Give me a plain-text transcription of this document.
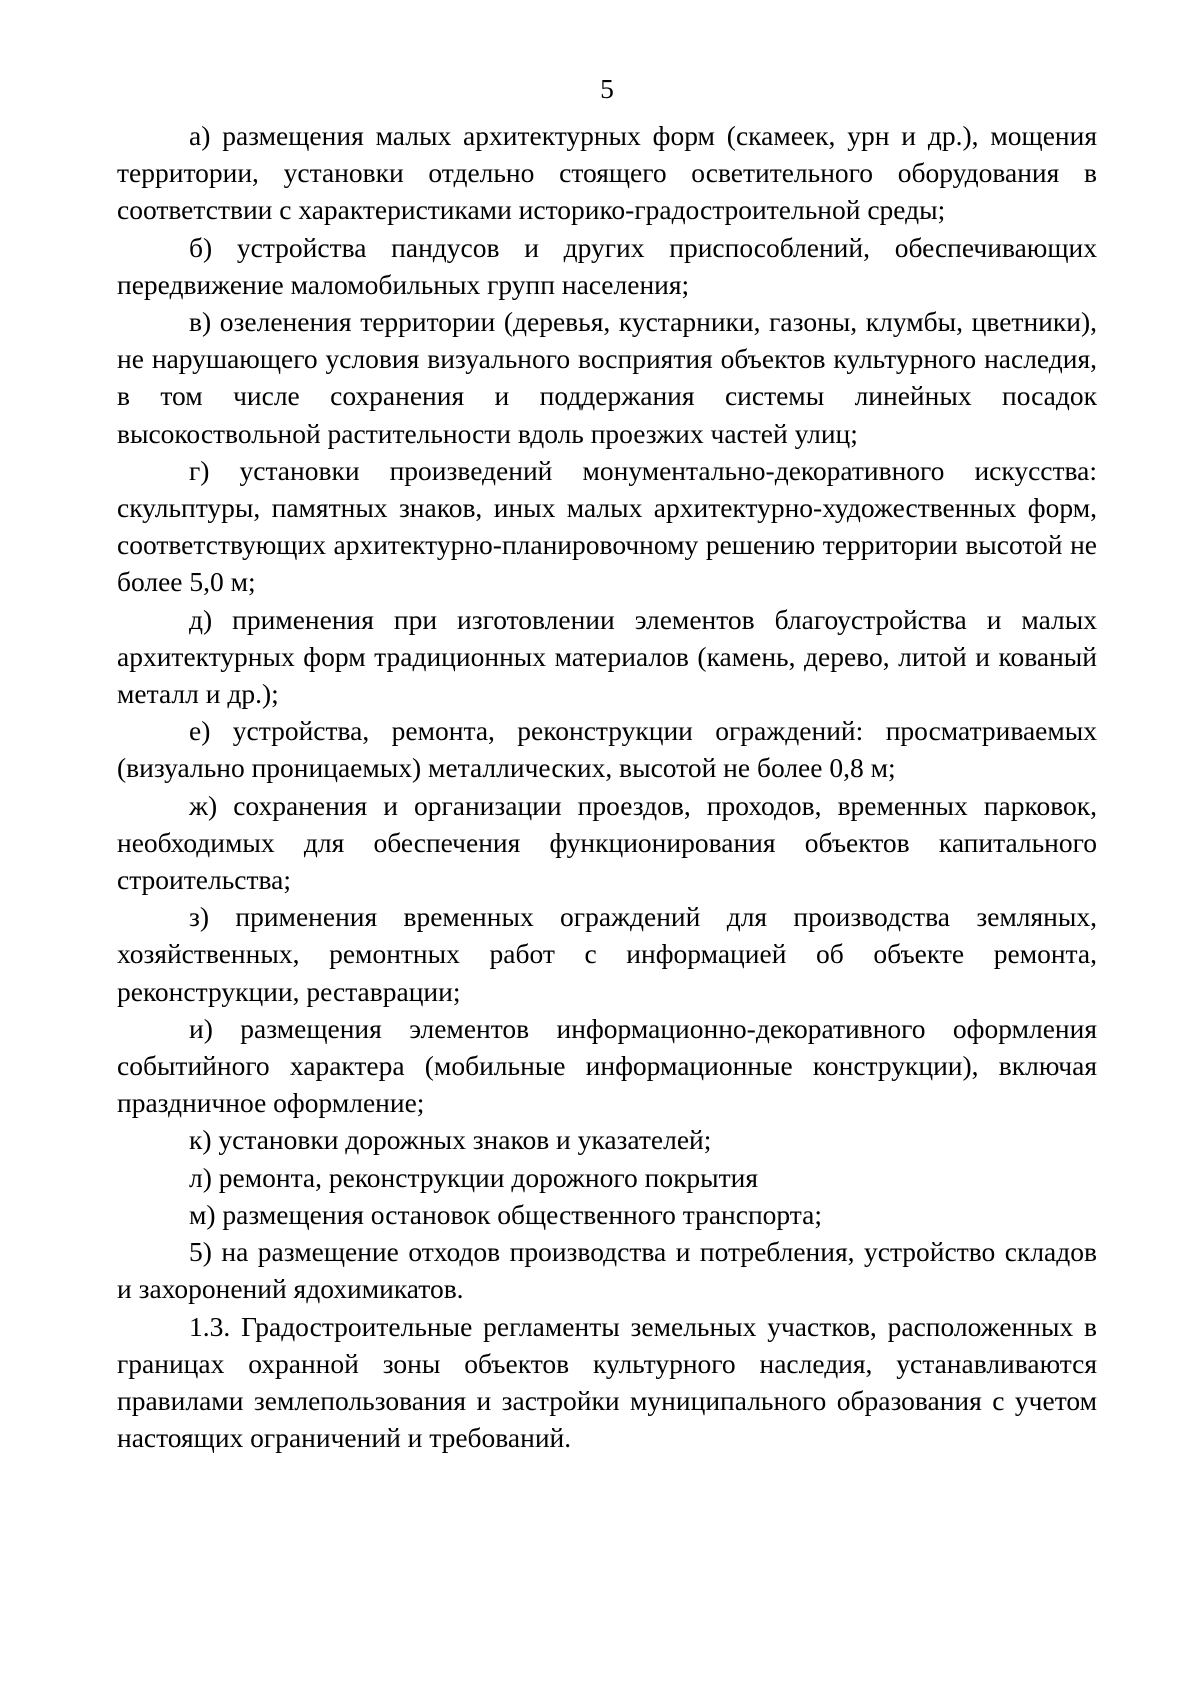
5

а) размещения малых архитектурных форм (скамеек, урн и др.), мощения территории, установки отдельно стоящего осветительного оборудования в соответствии с характеристиками историко-градостроительной среды;

б) устройства пандусов и других приспособлений, обеспечивающих передвижение маломобильных групп населения;

в) озеленения территории (деревья, кустарники, газоны, клумбы, цветники), не нарушающего условия визуального восприятия объектов культурного наследия, в том числе сохранения и поддержания системы линейных посадок высокоствольной растительности вдоль проезжих частей улиц;

г) установки произведений монументально-декоративного искусства: скульптуры, памятных знаков, иных малых архитектурно-художественных форм, соответствующих архитектурно-планировочному решению территории высотой не более 5,0 м;

д) применения при изготовлении элементов благоустройства и малых архитектурных форм традиционных материалов (камень, дерево, литой и кованый металл и др.);

е) устройства, ремонта, реконструкции ограждений: просматриваемых (визуально проницаемых) металлических, высотой не более 0,8 м;

ж) сохранения и организации проездов, проходов, временных парковок, необходимых для обеспечения функционирования объектов капитального строительства;

з) применения временных ограждений для производства земляных, хозяйственных, ремонтных работ с информацией об объекте ремонта, реконструкции, реставрации;

и) размещения элементов информационно-декоративного оформления событийного характера (мобильные информационные конструкции), включая праздничное оформление;

к) установки дорожных знаков и указателей;

л) ремонта, реконструкции дорожного покрытия

м) размещения остановок общественного транспорта;

5) на размещение отходов производства и потребления, устройство складов и захоронений ядохимикатов.

1.3. Градостроительные регламенты земельных участков, расположенных в границах охранной зоны объектов культурного наследия, устанавливаются правилами землепользования и застройки муниципального образования с учетом настоящих ограничений и требований.
